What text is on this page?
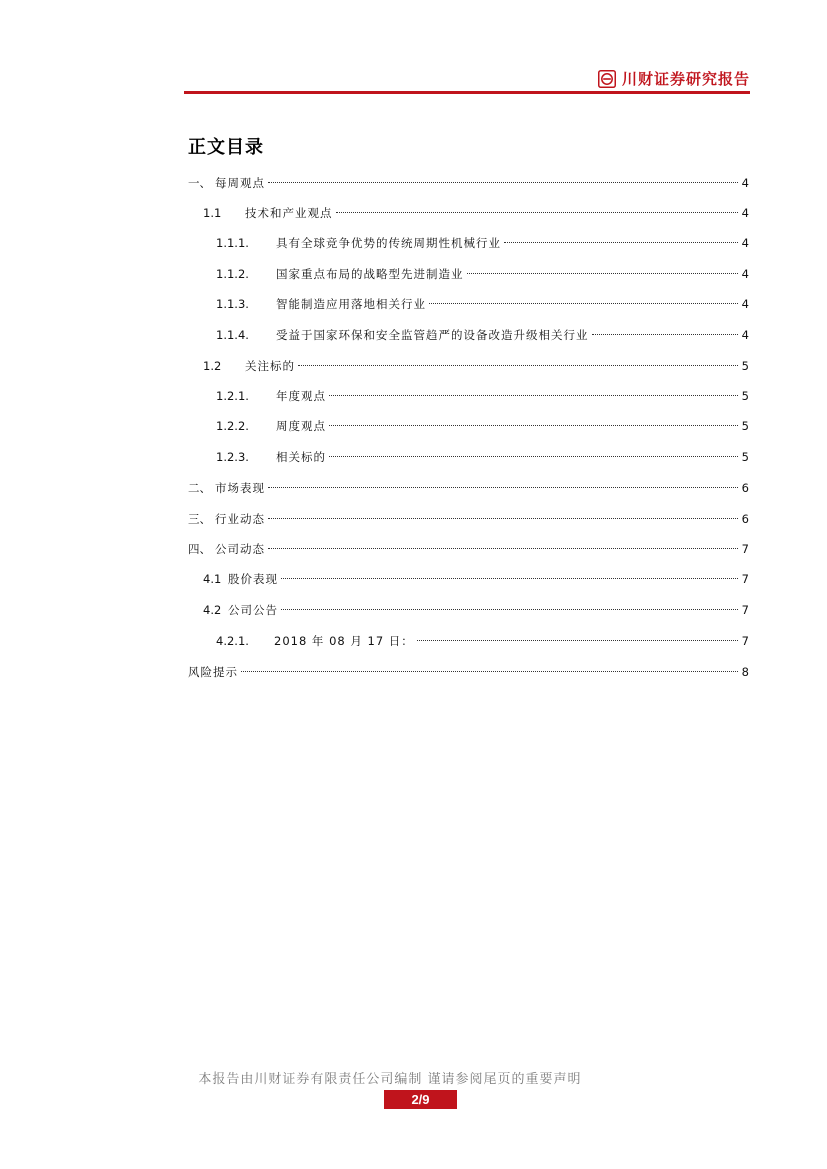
川财证券研究报告
正文目录
一、 每周观点	4
1.1	技术和产业观点	4
1.1.1.	具有全球竞争优势的传统周期性机械行业	4
1.1.2.	国家重点布局的战略型先进制造业	4
1.1.3.	智能制造应用落地相关行业	4
1.1.4.	受益于国家环保和安全监管趋严的设备改造升级相关行业	4
1.2	关注标的	5
1.2.1.	年度观点	5
1.2.2.	周度观点	5
1.2.3.	相关标的	5
二、 市场表现	6
三、 行业动态	6
四、 公司动态	7
4.1 股价表现	7
4.2 公司公告	7
4.2.1.	2018 年 08 月 17 日：	7
风险提示	8
本报告由川财证券有限责任公司编制 谨请参阅尾页的重要声明
2/9
